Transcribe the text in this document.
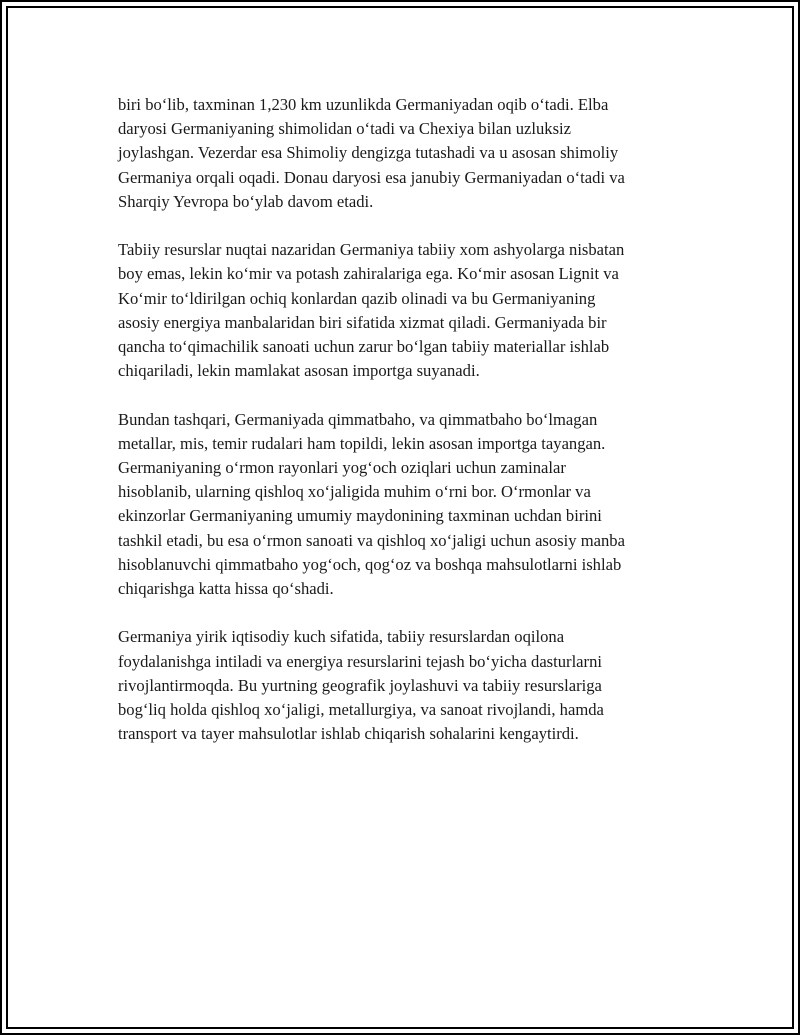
biri bo‘lib, taxminan 1,230 km uzunlikda Germaniyadan oqib o‘tadi. Elba
daryosi Germaniyaning shimolidan o‘tadi va Chexiya bilan uzluksiz
joylashgan. Vezerdar esa Shimoliy dengizga tutashadi va u asosan shimoliy
Germaniya orqali oqadi. Donau daryosi esa janubiy Germaniyadan o‘tadi va
Sharqiy Yevropa bo‘ylab davom etadi.

Tabiiy resurslar nuqtai nazaridan Germaniya tabiiy xom ashyolarga nisbatan
boy emas, lekin ko‘mir va potash zahiralariga ega. Ko‘mir asosan Lignit va
Ko‘mir to‘ldirilgan ochiq konlardan qazib olinadi va bu Germaniyaning
asosiy energiya manbalaridan biri sifatida xizmat qiladi. Germaniyada bir
qancha to‘qimachilik sanoati uchun zarur bo‘lgan tabiiy materiallar ishlab
chiqariladi, lekin mamlakat asosan importga suyanadi.

Bundan tashqari, Germaniyada qimmatbaho, va qimmatbaho bo‘lmagan
metallar, mis, temir rudalari ham topildi, lekin asosan importga tayangan.
Germaniyaning o‘rmon rayonlari yog‘och oziqlari uchun zaminalar
hisoblanib, ularning qishloq xo‘jaligida muhim o‘rni bor. O‘rmonlar va
ekinzorlar Germaniyaning umumiy maydonining taxminan uchdan birini
tashkil etadi, bu esa o‘rmon sanoati va qishloq xo‘jaligi uchun asosiy manba
hisoblanuvchi qimmatbaho yog‘och, qog‘oz va boshqa mahsulotlarni ishlab
chiqarishga katta hissa qo‘shadi.

Germaniya yirik iqtisodiy kuch sifatida, tabiiy resurslardan oqilona
foydalanishga intiladi va energiya resurslarini tejash bo‘yicha dasturlarni
rivojlantirmoqda. Bu yurtning geografik joylashuvi va tabiiy resurslariga
bog‘liq holda qishloq xo‘jaligi, metallurgiya, va sanoat rivojlandi, hamda
transport va tayer mahsulotlar ishlab chiqarish sohalarini kengaytirdi.
